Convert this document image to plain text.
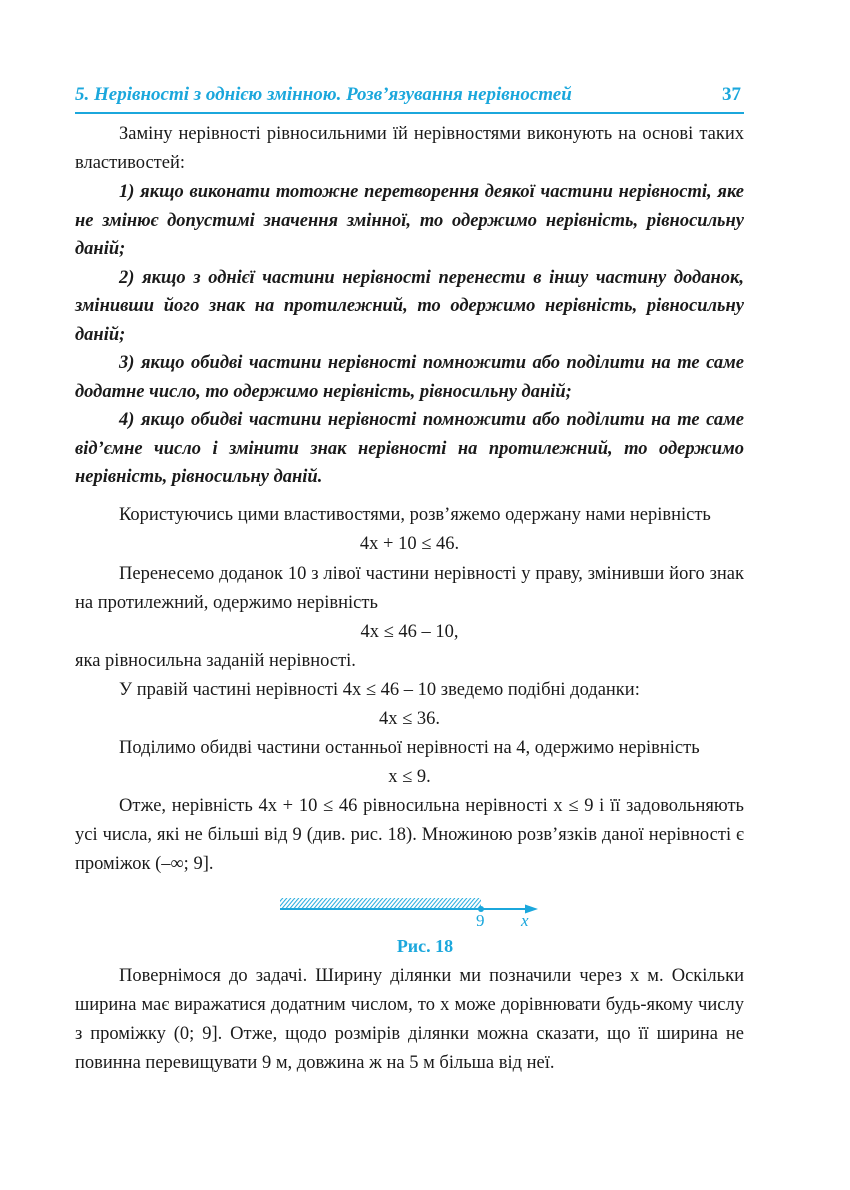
5. Нерівності з однією змінною. Розв’язування нерівностей	37

Заміну нерівності рівносильними їй нерівностями виконують на основі таких властивостей:

1) якщо виконати тотожне перетворення деякої частини нерівності, яке не змінює допустимі значення змінної, то одержимо нерівність, рівносильну даній;

2) якщо з однієї частини нерівності перенести в іншу частину доданок, змінивши його знак на протилежний, то одержимо нерівність, рівносильну даній;

3) якщо обидві частини нерівності помножити або поділити на те саме додатне число, то одержимо нерівність, рівносильну даній;

4) якщо обидві частини нерівності помножити або поділити на те саме від’ємне число і змінити знак нерівності на протилежний, то одержимо нерівність, рівносильну даній.

Користуючись цими властивостями, розв’яжемо одержану нами нерівність

4x + 10 ≤ 46.

Перенесемо доданок 10 з лівої частини нерівності у праву, змінивши його знак на протилежний, одержимо нерівність

4x ≤ 46 – 10,

яка рівносильна заданій нерівності.

У правій частині нерівності 4x ≤ 46 – 10 зведемо подібні доданки:

4x ≤ 36.

Поділимо обидві частини останньої нерівності на 4, одержимо нерівність

x ≤ 9.

Отже, нерівність 4x + 10 ≤ 46 рівносильна нерівності x ≤ 9 і її задовольняють усі числа, які не більші від 9 (див. рис. 18). Множиною розв’язків даної нерівності є проміжок (–∞; 9].

9 x
Рис. 18

Повернімося до задачі. Ширину ділянки ми позначили через x м. Оскільки ширина має виражатися додатним числом, то x може дорівнювати будь-якому числу з проміжку (0; 9]. Отже, щодо розмірів ділянки можна сказати, що її ширина не повинна перевищувати 9 м, довжина ж на 5 м більша від неї.
